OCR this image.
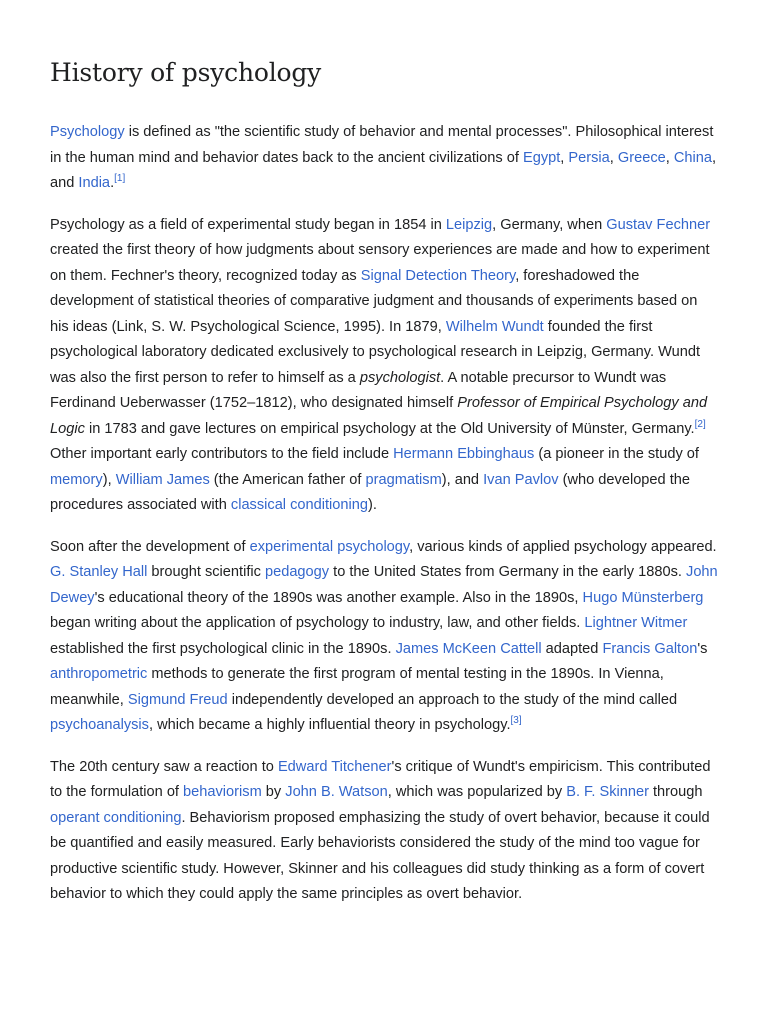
History of psychology

Psychology is defined as "the scientific study of behavior and mental processes". Philosophical interest in the human mind and behavior dates back to the ancient civilizations of Egypt, Persia, Greece, China, and India.[1]

Psychology as a field of experimental study began in 1854 in Leipzig, Germany, when Gustav Fechner created the first theory of how judgments about sensory experiences are made and how to experiment on them. Fechner's theory, recognized today as Signal Detection Theory, foreshadowed the development of statistical theories of comparative judgment and thousands of experiments based on his ideas (Link, S. W. Psychological Science, 1995). In 1879, Wilhelm Wundt founded the first psychological laboratory dedicated exclusively to psychological research in Leipzig, Germany. Wundt was also the first person to refer to himself as a psychologist. A notable precursor to Wundt was Ferdinand Ueberwasser (1752–1812), who designated himself Professor of Empirical Psychology and Logic in 1783 and gave lectures on empirical psychology at the Old University of Münster, Germany.[2] Other important early contributors to the field include Hermann Ebbinghaus (a pioneer in the study of memory), William James (the American father of pragmatism), and Ivan Pavlov (who developed the procedures associated with classical conditioning).

Soon after the development of experimental psychology, various kinds of applied psychology appeared. G. Stanley Hall brought scientific pedagogy to the United States from Germany in the early 1880s. John Dewey's educational theory of the 1890s was another example. Also in the 1890s, Hugo Münsterberg began writing about the application of psychology to industry, law, and other fields. Lightner Witmer established the first psychological clinic in the 1890s. James McKeen Cattell adapted Francis Galton's anthropometric methods to generate the first program of mental testing in the 1890s. In Vienna, meanwhile, Sigmund Freud independently developed an approach to the study of the mind called psychoanalysis, which became a highly influential theory in psychology.[3]

The 20th century saw a reaction to Edward Titchener's critique of Wundt's empiricism. This contributed to the formulation of behaviorism by John B. Watson, which was popularized by B. F. Skinner through operant conditioning. Behaviorism proposed emphasizing the study of overt behavior, because it could be quantified and easily measured. Early behaviorists considered the study of the mind too vague for productive scientific study. However, Skinner and his colleagues did study thinking as a form of covert behavior to which they could apply the same principles as overt behavior.
